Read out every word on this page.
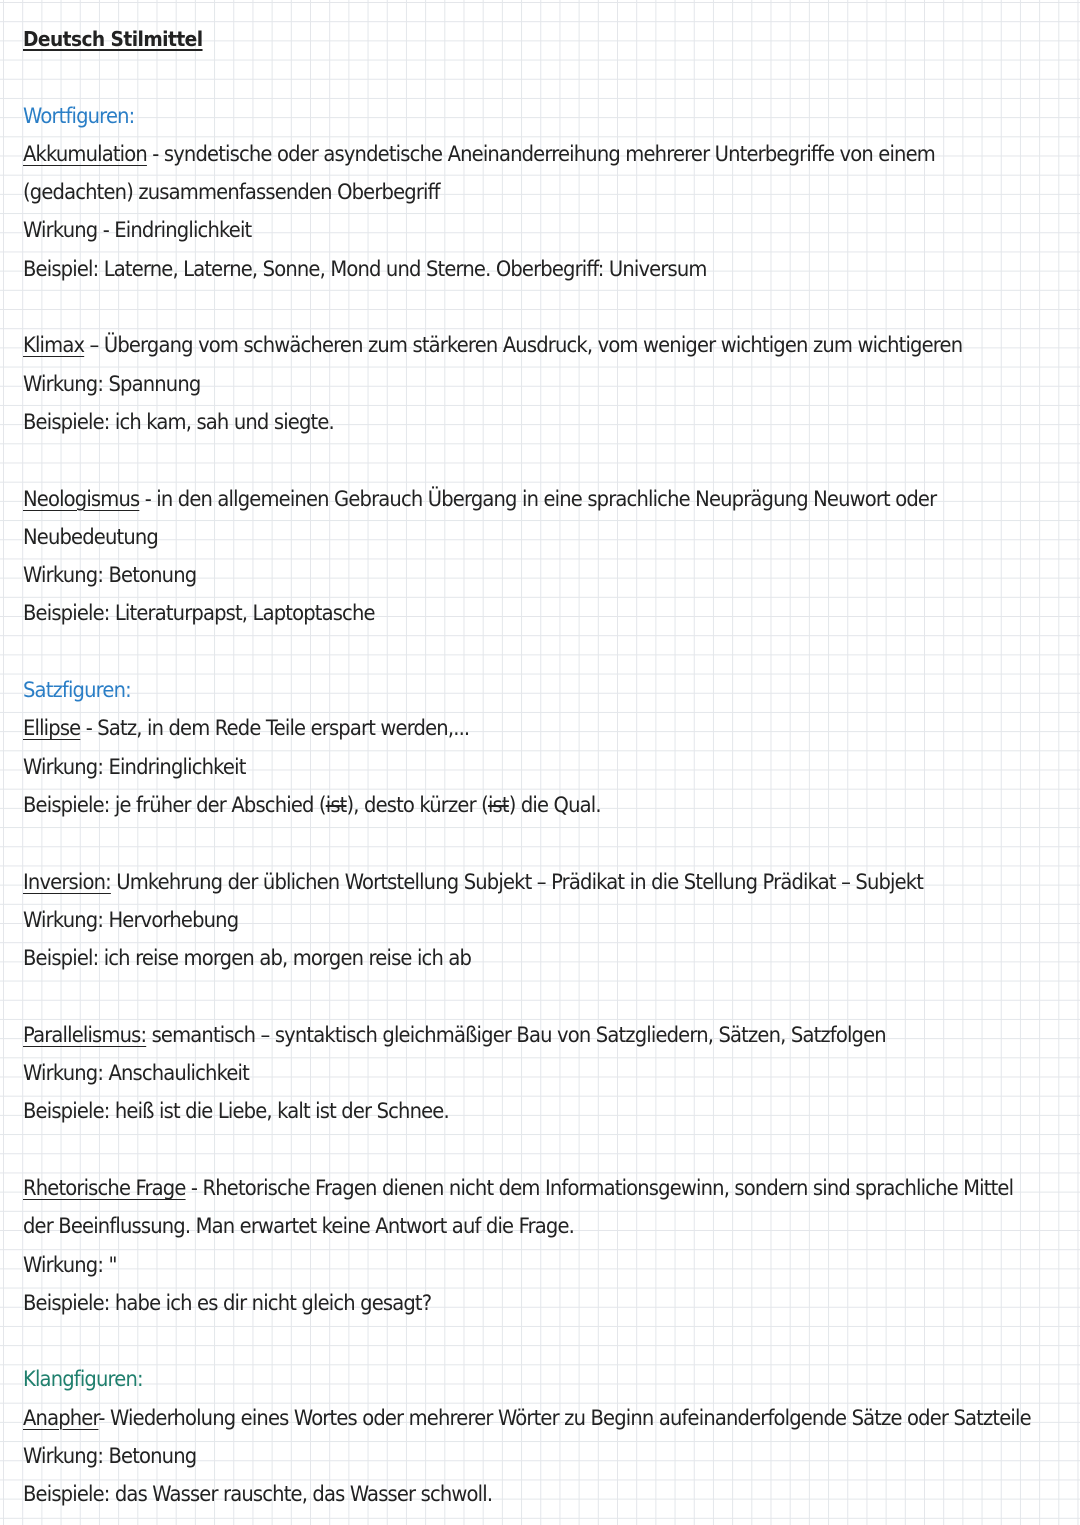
Deutsch Stilmittel
Wortfiguren:
Akkumulation - syndetische oder asyndetische Aneinanderreihung mehrerer Unterbegriffe von einem
(gedachten) zusammenfassenden Oberbegriff
Wirkung - Eindringlichkeit
Beispiel: Laterne, Laterne, Sonne, Mond und Sterne. Oberbegriff: Universum
Klimax – Übergang vom schwächeren zum stärkeren Ausdruck, vom weniger wichtigen zum wichtigeren
Wirkung: Spannung
Beispiele: ich kam, sah und siegte.
Neologismus - in den allgemeinen Gebrauch Übergang in eine sprachliche Neuprägung Neuwort oder
Neubedeutung
Wirkung: Betonung
Beispiele: Literaturpapst, Laptoptasche
Satzfiguren:
Ellipse - Satz, in dem Rede Teile erspart werden,...
Wirkung: Eindringlichkeit
Beispiele: je früher der Abschied (ist), desto kürzer (ist) die Qual.
Inversion: Umkehrung der üblichen Wortstellung Subjekt – Prädikat in die Stellung Prädikat – Subjekt
Wirkung: Hervorhebung
Beispiel: ich reise morgen ab, morgen reise ich ab
Parallelismus: semantisch – syntaktisch gleichmäßiger Bau von Satzgliedern, Sätzen, Satzfolgen
Wirkung: Anschaulichkeit
Beispiele: heiß ist die Liebe, kalt ist der Schnee.
Rhetorische Frage - Rhetorische Fragen dienen nicht dem Informationsgewinn, sondern sind sprachliche Mittel
der Beeinflussung. Man erwartet keine Antwort auf die Frage.
Wirkung: "
Beispiele: habe ich es dir nicht gleich gesagt?
Klangfiguren:
Anapher- Wiederholung eines Wortes oder mehrerer Wörter zu Beginn aufeinanderfolgende Sätze oder Satzteile
Wirkung: Betonung
Beispiele: das Wasser rauschte, das Wasser schwoll.
